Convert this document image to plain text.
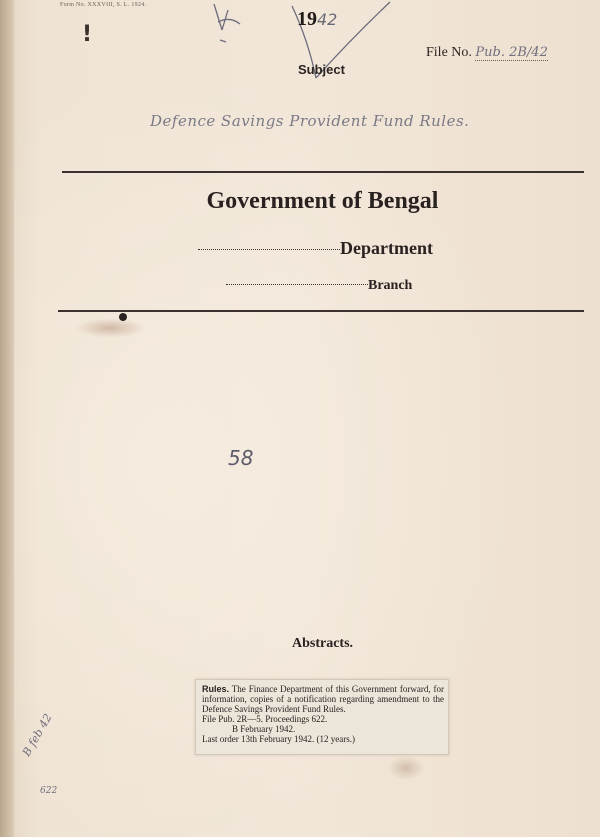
Form No. XXXVIII, S. L. 1924.
!
1942
File No. Pub. 2B/42
Subject
Defence Savings Provident Fund Rules.
Government of Bengal
Department
Branch
58
Abstracts.

Rules. The Finance Department of this Government forward, for information, copies of a notification regarding amendment to the Defence Savings Provident Fund Rules.

File Pub. 2R—5. Proceedings 622.

B February 1942.

Last order 13th February 1942. (12 years.)

B feb 42
622
